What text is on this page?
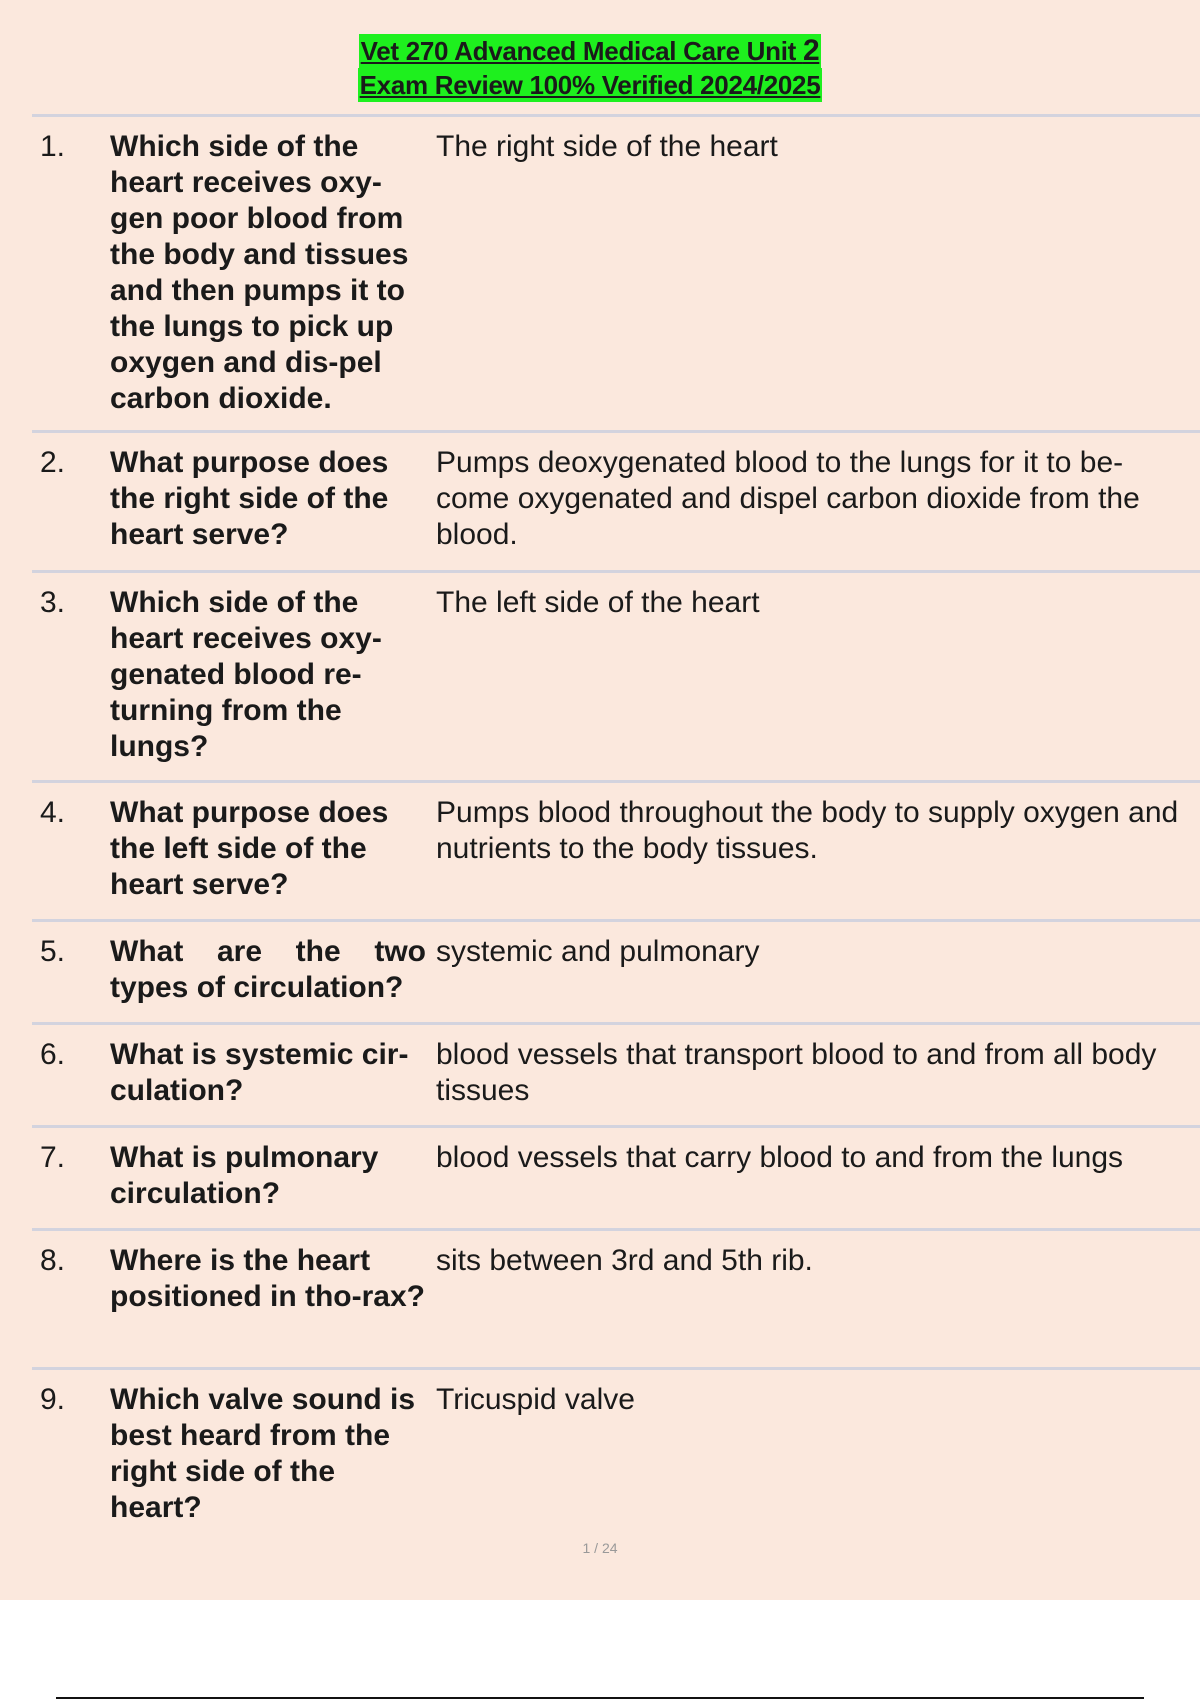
Vet 270 Advanced Medical Care Unit 2
Exam Review 100% Verified 2024/2025
1.	Which side of the heart receives oxy-gen poor blood from the body and tissues and then pumps it to the lungs to pick up oxygen and dis-pel carbon dioxide.
The right side of the heart
2.	What purpose does the right side of the heart serve?
Pumps deoxygenated blood to the lungs for it to be-come oxygenated and dispel carbon dioxide from the blood.
3.	Which side of the heart receives oxy-genated blood re-turning from the lungs?
The left side of the heart
4.	What purpose does the left side of the heart serve?
Pumps blood throughout the body to supply oxygen and nutrients to the body tissues.
5.	What are the two types of circulation?
systemic and pulmonary
6.	What is systemic cir-culation?
blood vessels that transport blood to and from all body tissues
7.	What is pulmonary circulation?
blood vessels that carry blood to and from the lungs
8.	Where is the heart positioned in tho-rax?
sits between 3rd and 5th rib.
9.	Which valve sound is best heard from the right side of the heart?
Tricuspid valve
1 / 24
